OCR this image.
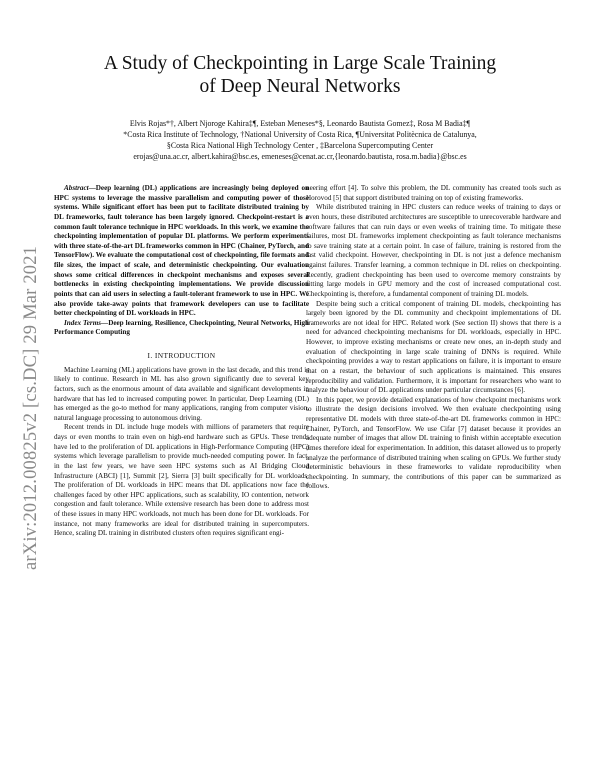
arXiv:2012.00825v2 [cs.DC] 29 Mar 2021
A Study of Checkpointing in Large Scale Training
of Deep Neural Networks
Elvis Rojas*†, Albert Njoroge Kahira‡¶, Esteban Meneses*§, Leonardo Bautista Gomez‡, Rosa M Badia‡¶
*Costa Rica Institute of Technology, †National University of Costa Rica, ¶Universitat Politècnica de Catalunya,
§Costa Rica National High Technology Center , ‡Barcelona Supercomputing Center
erojas@una.ac.cr, albert.kahira@bsc.es, emeneses@cenat.ac.cr,{leonardo.bautista, rosa.m.badia}@bsc.es

Abstract—Deep learning (DL) applications are increasingly being deployed on HPC systems to leverage the massive parallelism and computing power of those systems. While significant effort has been put to facilitate distributed training by DL frameworks, fault tolerance has been largely ignored. Checkpoint-restart is a common fault tolerance technique in HPC workloads. In this work, we examine the checkpointing implementation of popular DL platforms. We perform experiments with three state-of-the-art DL frameworks common in HPC (Chainer, PyTorch, and TensorFlow). We evaluate the computational cost of checkpointing, file formats and file sizes, the impact of scale, and deterministic checkpointing. Our evaluation shows some critical differences in checkpoint mechanisms and exposes several bottlenecks in existing checkpointing implementations. We provide discussion points that can aid users in selecting a fault-tolerant framework to use in HPC. We also provide take-away points that framework developers can use to facilitate better checkpointing of DL workloads in HPC.

Index Terms—Deep learning, Resilience, Checkpointing, Neural Networks, High Performance Computing

I. INTRODUCTION

Machine Learning (ML) applications have grown in the last decade, and this trend is likely to continue. Research in ML has also grown significantly due to several key factors, such as the enormous amount of data available and significant developments in hardware that has led to increased computing power. In particular, Deep Learning (DL) has emerged as the go-to method for many applications, ranging from computer vision, natural language processing to autonomous driving.

Recent trends in DL include huge models with millions of parameters that require days or even months to train even on high-end hardware such as GPUs. These trends have led to the proliferation of DL applications in High-Performance Computing (HPC) systems which leverage parallelism to provide much-needed computing power. In fact, in the last few years, we have seen HPC systems such as AI Bridging Cloud Infrastructure (ABCI) [1], Summit [2], Sierra [3] built specifically for DL workloads. The proliferation of DL workloads in HPC means that DL applications now face the challenges faced by other HPC applications, such as scalability, IO contention, network congestion and fault tolerance. While extensive research has been done to address most of these issues in many HPC workloads, not much has been done for DL workloads. For instance, not many frameworks are ideal for distributed training in supercomputers. Hence, scaling DL training in distributed clusters often requires significant engi-

neering effort [4]. To solve this problem, the DL community has created tools such as Horovod [5] that support distributed training on top of existing frameworks.

While distributed training in HPC clusters can reduce weeks of training to days or even hours, these distributed architectures are susceptible to unrecoverable hardware and software failures that can ruin days or even weeks of training time. To mitigate these failures, most DL frameworks implement checkpointing as fault tolerance mechanisms to save training state at a certain point. In case of failure, training is restored from the last valid checkpoint. However, checkpointing in DL is not just a defence mechanism against failures. Transfer learning, a common technique in DL relies on checkpointing. Recently, gradient checkpointing has been used to overcome memory constraints by fitting large models in GPU memory and the cost of increased computational cost. Checkpointing is, therefore, a fundamental component of training DL models.

Despite being such a critical component of training DL models, checkpointing has largely been ignored by the DL community and checkpoint implementations of DL frameworks are not ideal for HPC. Related work (See section II) shows that there is a need for advanced checkpointing mechanisms for DL workloads, especially in HPC. However, to improve existing mechanisms or create new ones, an in-depth study and evaluation of checkpointing in large scale training of DNNs is required. While checkpointing provides a way to restart applications on failure, it is important to ensure that on a restart, the behaviour of such applications is maintained. This ensures reproducibility and validation. Furthermore, it is important for researchers who want to analyze the behaviour of DL applications under particular circumstances [6].

In this paper, we provide detailed explanations of how checkpoint mechanisms work to illustrate the design decisions involved. We then evaluate checkpointing using representative DL models with three state-of-the-art DL frameworks common in HPC: Chainer, PyTorch, and TensorFlow. We use Cifar [7] dataset because it provides an adequate number of images that allow DL training to finish within acceptable execution times therefore ideal for experimentation. In addition, this dataset allowed us to properly analyze the performance of distributed training when scaling on GPUs. We further study deterministic behaviours in these frameworks to validate reproducibility when checkpointing. In summary, the contributions of this paper can be summarized as follows.
